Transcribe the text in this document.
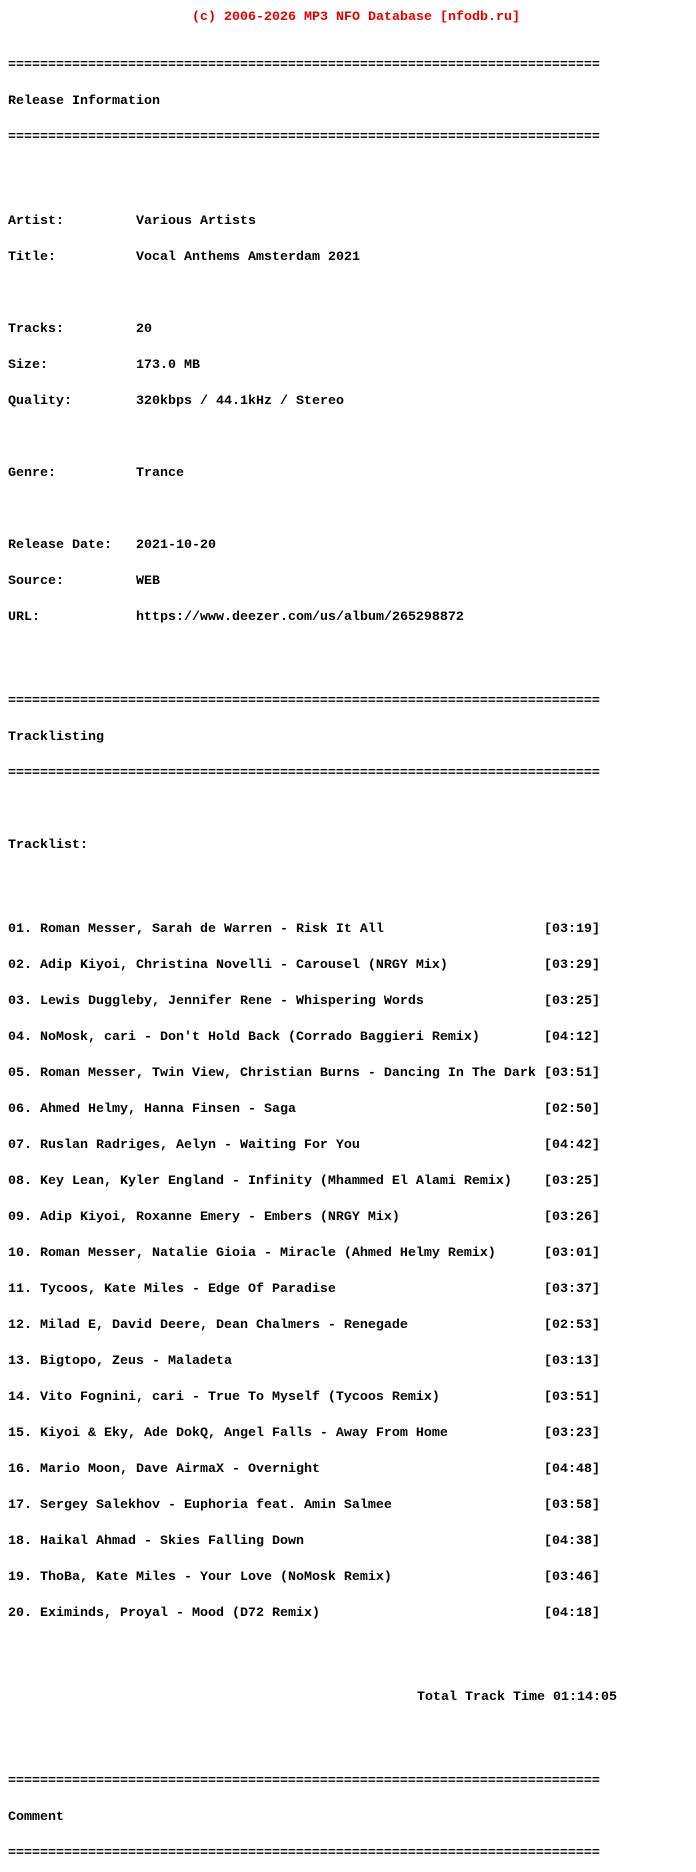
(c) 2006-2026 MP3 NFO Database [nfodb.ru]

==========================================================================

Release Information

==========================================================================

Artist:	Various Artists

Title:	Vocal Anthems Amsterdam 2021

Tracks:	20

Size:	173.0 MB

Quality:	320kbps / 44.1kHz / Stereo

Genre:	Trance

Release Date: 2021-10-20

Source:	WEB

URL:	https://www.deezer.com/us/album/265298872

==========================================================================

Tracklisting

==========================================================================

Tracklist:

01. Roman Messer, Sarah de Warren - Risk It All	[03:19]

02. Adip Kiyoi, Christina Novelli - Carousel (NRGY Mix)	[03:29]

03. Lewis Duggleby, Jennifer Rene - Whispering Words	[03:25]

04. NoMosk, cari - Don't Hold Back (Corrado Baggieri Remix)	[04:12]

05. Roman Messer, Twin View, Christian Burns - Dancing In The Dark [03:51]

06. Ahmed Helmy, Hanna Finsen - Saga	[02:50]

07. Ruslan Radriges, Aelyn - Waiting For You	[04:42]

08. Key Lean, Kyler England - Infinity (Mhammed El Alami Remix) [03:25]

09. Adip Kiyoi, Roxanne Emery - Embers (NRGY Mix)	[03:26]

10. Roman Messer, Natalie Gioia - Miracle (Ahmed Helmy Remix)	[03:01]

11. Tycoos, Kate Miles - Edge Of Paradise	[03:37]

12. Milad E, David Deere, Dean Chalmers - Renegade	[02:53]

13. Bigtopo, Zeus - Maladeta	[03:13]

14. Vito Fognini, cari - True To Myself (Tycoos Remix)	[03:51]

15. Kiyoi & Eky, Ade DokQ, Angel Falls - Away From Home	[03:23]

16. Mario Moon, Dave AirmaX - Overnight	[04:48]

17. Sergey Salekhov - Euphoria feat. Amin Salmee	[03:58]

18. Haikal Ahmad - Skies Falling Down	[04:38]

19. ThoBa, Kate Miles - Your Love (NoMosk Remix)	[03:46]

20. Eximinds, Proyal - Mood (D72 Remix)	[04:18]

Total Track Time 01:14:05

==========================================================================

Comment

==========================================================================
